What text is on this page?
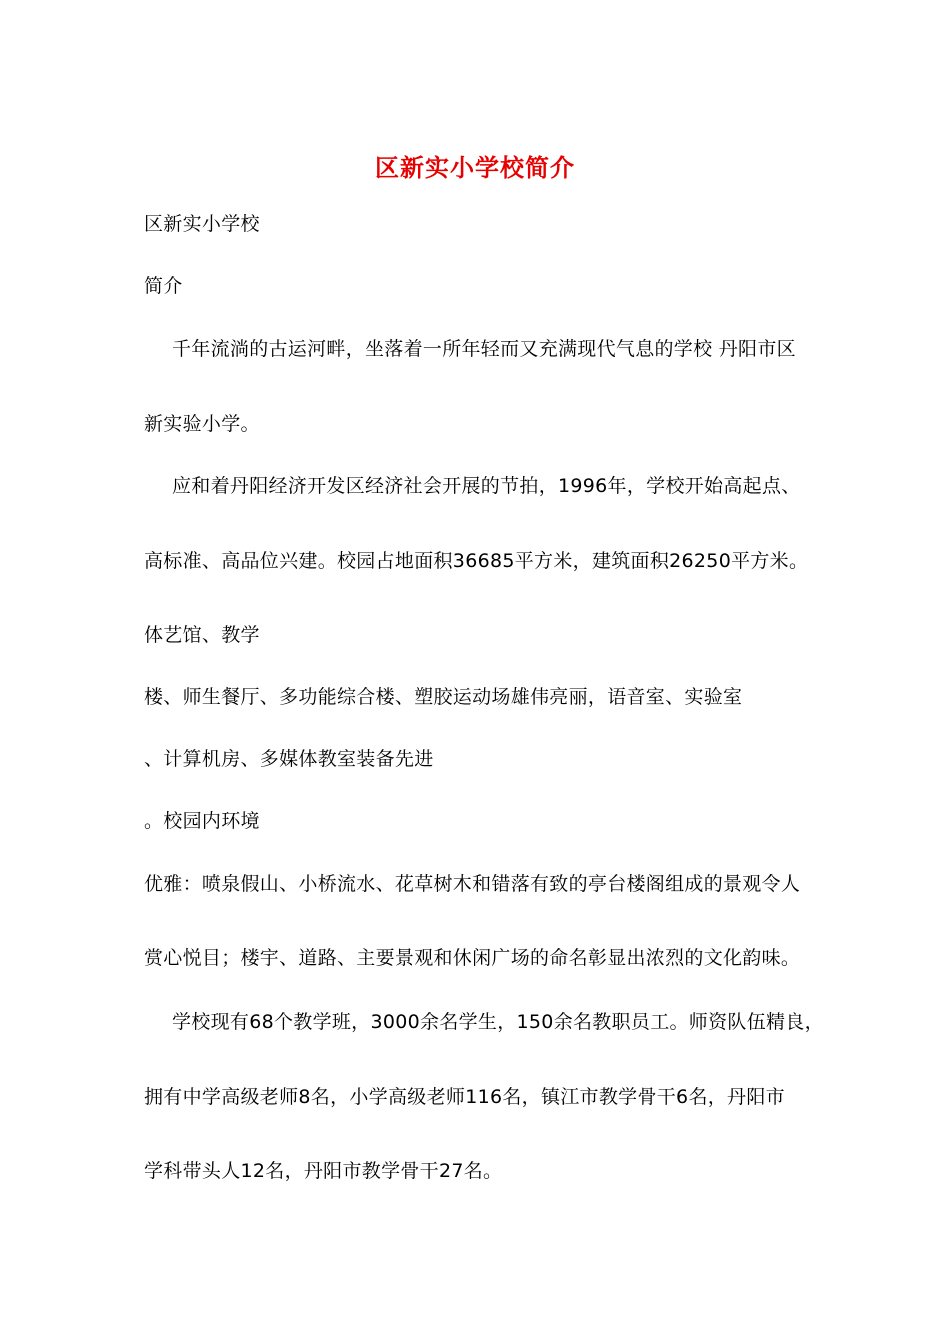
区新实小学校简介
区新实小学校
简介
千年流淌的古运河畔，坐落着一所年轻而又充满现代气息的学校 丹阳市区
新实验小学。
应和着丹阳经济开发区经济社会开展的节拍，1996年，学校开始高起点、
高标准、高品位兴建。校园占地面积36685平方米，建筑面积26250平方米。
体艺馆、教学
楼、师生餐厅、多功能综合楼、塑胶运动场雄伟亮丽，语音室、实验室
、计算机房、多媒体教室装备先进
。校园内环境
优雅：喷泉假山、小桥流水、花草树木和错落有致的亭台楼阁组成的景观令人
赏心悦目；楼宇、道路、主要景观和休闲广场的命名彰显出浓烈的文化韵味。
学校现有68个教学班，3000余名学生，150余名教职员工。师资队伍精良，
拥有中学高级老师8名，小学高级老师116名，镇江市教学骨干6名，丹阳市
学科带头人12名，丹阳市教学骨干27名。
